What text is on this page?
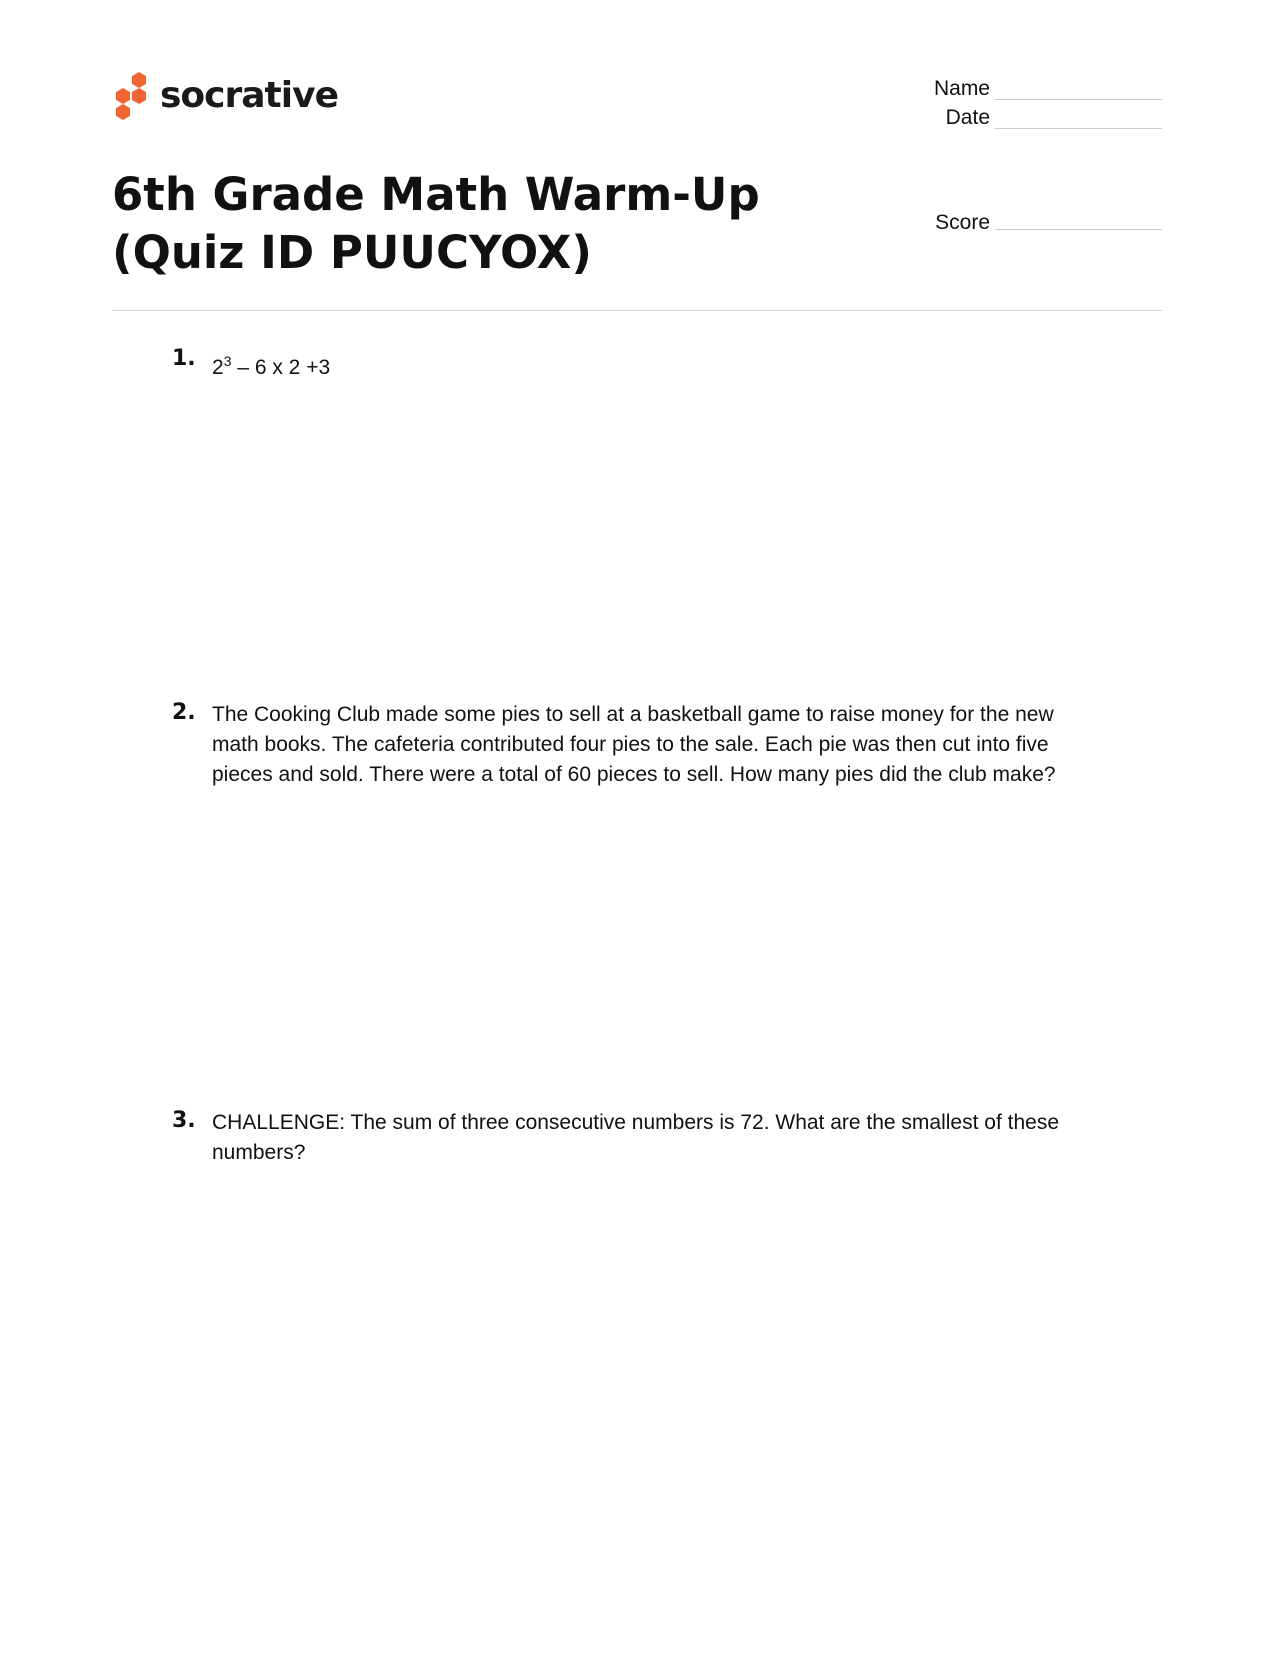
socrative	Name
Date
Score
6th Grade Math Warm-Up (Quiz ID PUUCYOX)
1. $2^3 - 6$ x 2 +3
2. The Cooking Club made some pies to sell at a basketball game to raise money for the new math books. The cafeteria contributed four pies to the sale. Each pie was then cut into five pieces and sold. There were a total of 60 pieces to sell. How many pies did the club make?
3. CHALLENGE: The sum of three consecutive numbers is 72. What are the smallest of these numbers?
